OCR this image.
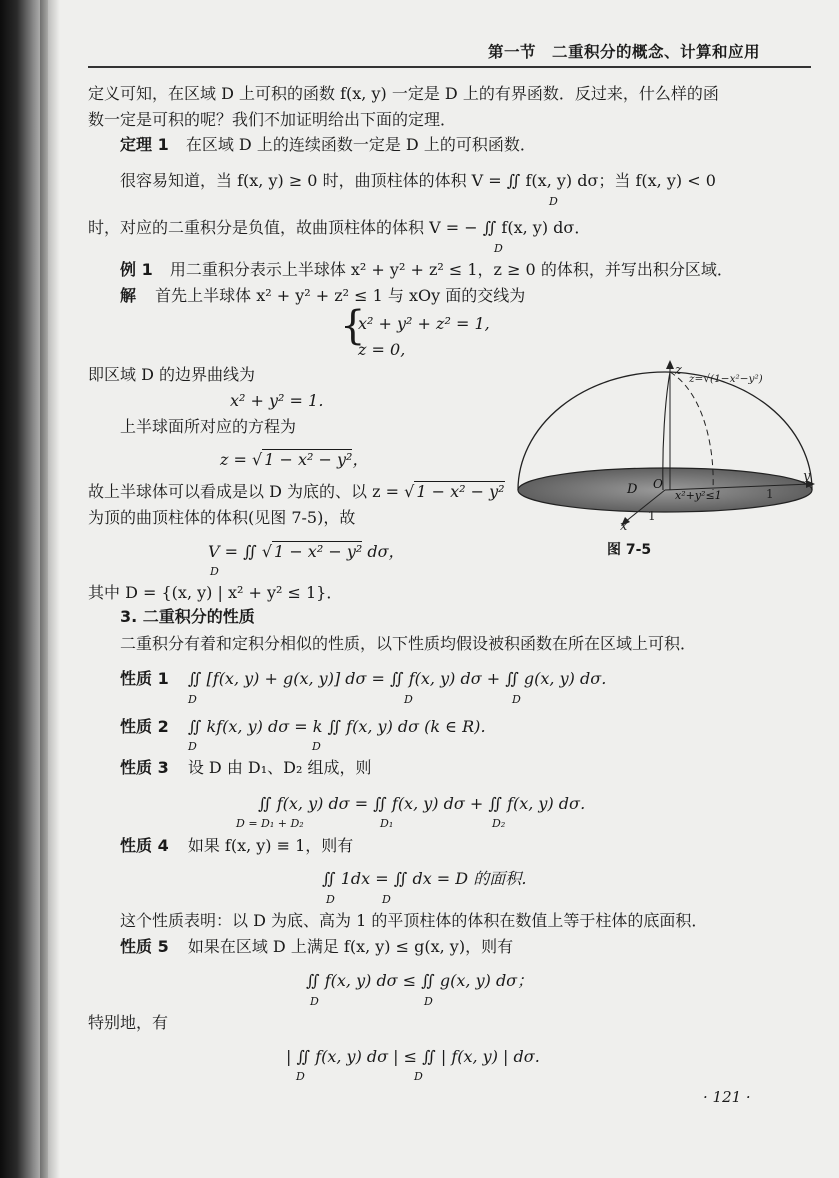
第一节　二重积分的概念、计算和应用
定义可知，在区域 D 上可积的函数 f(x, y) 一定是 D 上的有界函数．反过来，什么样的函
数一定是可积的呢？我们不加证明给出下面的定理．
定理 1 在区域 D 上的连续函数一定是 D 上的可积函数．
很容易知道，当 f(x, y) ≥ 0 时，曲顶柱体的体积 V = ∬ f(x, y) dσ；当 f(x, y) < 0
D
时，对应的二重积分是负值，故曲顶柱体的体积 V = − ∬ f(x, y) dσ．
D
例 1 用二重积分表示上半球体 x² + y² + z² ≤ 1，z ≥ 0 的体积，并写出积分区域．
解 首先上半球体 x² + y² + z² ≤ 1 与 xOy 面的交线为
{
x² + y² + z² = 1,
z = 0,
即区域 D 的边界曲线为
x² + y² = 1．
上半球面所对应的方程为
z = √ 1 − x² − y²，
故上半球体可以看成是以 D 为底的、以 z = √ 1 − x² − y²
为顶的曲顶柱体的体积(见图 7-5)，故
V = ∬ √ 1 − x² − y² dσ，
D
其中 D = {(x, y) | x² + y² ≤ 1}．
3. 二重积分的性质
二重积分有着和定积分相似的性质，以下性质均假设被积函数在所在区域上可积．
性质 1 ∬ [f(x, y) + g(x, y)] dσ = ∬ f(x, y) dσ + ∬ g(x, y) dσ．
D	D	D
性质 2 ∬ kf(x, y) dσ = k ∬ f(x, y) dσ (k ∈ R)．
D	D
性质 3 设 D 由 D₁、D₂ 组成，则
∬ f(x, y) dσ = ∬ f(x, y) dσ + ∬ f(x, y) dσ．
D = D₁ + D₂	D₁	D₂
性质 4 如果 f(x, y) ≡ 1，则有
∬ 1dx = ∬ dx = D 的面积．
D	D
这个性质表明：以 D 为底、高为 1 的平顶柱体的体积在数值上等于柱体的底面积．
性质 5 如果在区域 D 上满足 f(x, y) ≤ g(x, y)，则有
∬ f(x, y) dσ ≤ ∬ g(x, y) dσ；
D	D
特别地，有
| ∬ f(x, y) dσ | ≤ ∬ | f(x, y) | dσ.
D	D
· 121 ·
z
z=√(1−x²−y²)
y
1
x
1
D O
x²+y²≤1
图 7-5
